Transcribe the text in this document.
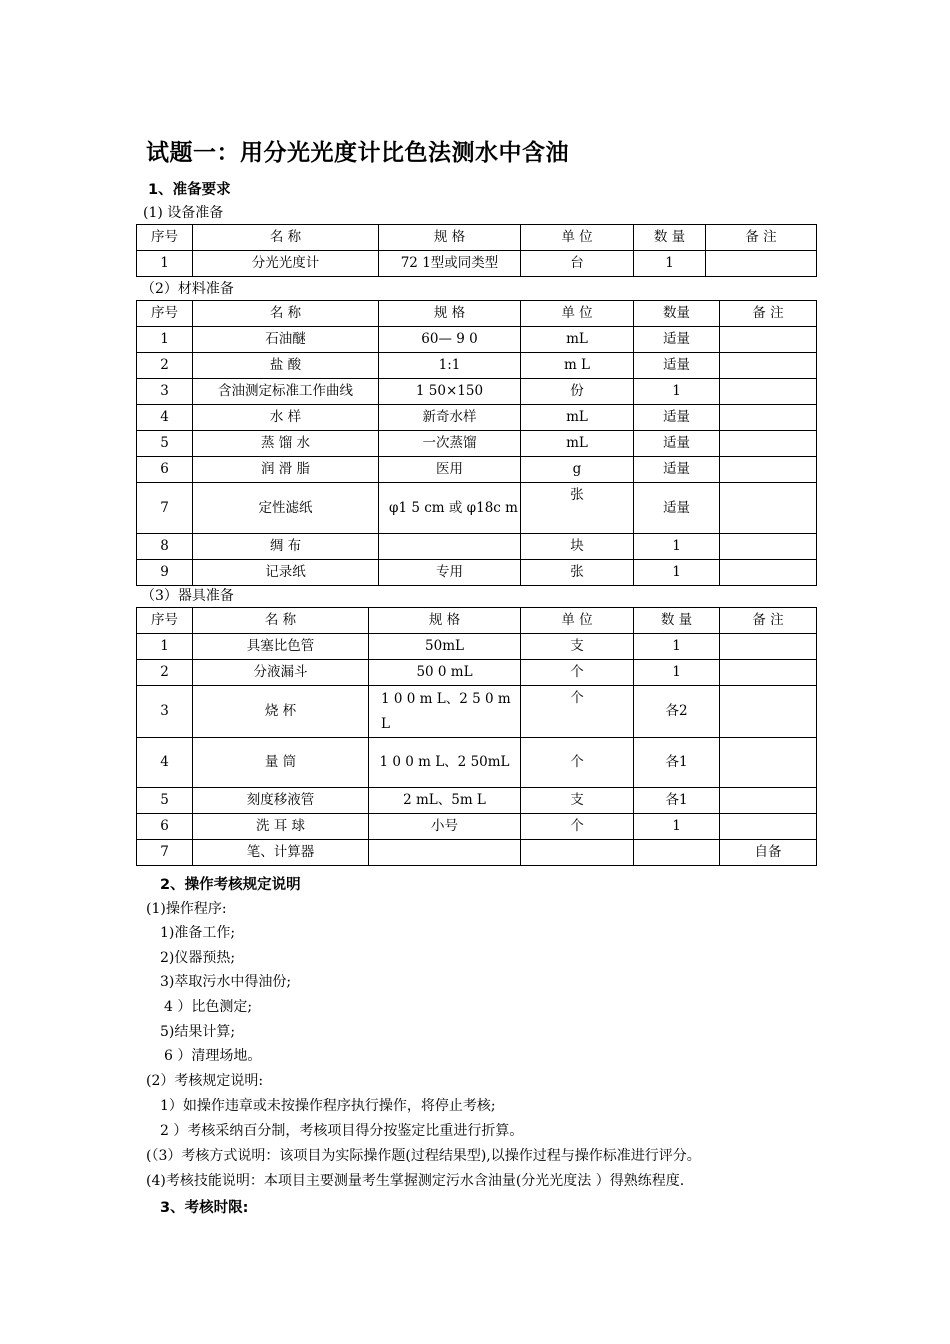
试题一：用分光光度计比色法测水中含油
1、准备要求
(1) 设备准备
序号	名 称	规 格	单 位	数 量	备 注
1	分光光度计	72 1型或同类型	台	1	
（2）材料准备
序号	名 称	规 格	单 位	数量	备 注
1	石油醚	60— 9 0	mL	适量	
2	盐 酸	1:1	m L	适量	
3	含油测定标准工作曲线	1 50×150	份	1	
4	水 样	新奇水样	mL	适量	
5	蒸 馏 水	一次蒸馏	mL	适量	
6	润 滑 脂	医用	g	适量	
7	定性滤纸	φ1 5 cm 或 φ18c m	张	适量	
8	绸 布		块	1	
9	记录纸	专用	张	1	
（3）器具准备
序号	名 称	规 格	单 位	数 量	备 注
1	具塞比色管	50mL	支	1	
2	分液漏斗	50 0 mL	个	1	
3	烧 杯	1 0 0 m L、2 5 0 m L	个	各2	
4	量 筒	1 0 0 m L、2 50mL	个	各1	
5	刻度移液管	2 mL、5m L	支	各1	
6	洗 耳 球	小号	个	1	
7	笔、计算器				自备
2、操作考核规定说明
(1)操作程序:
1)准备工作;
2)仪器预热;
3)萃取污水中得油份;
4 ）比色测定;
5)结果计算;
6 ）清理场地。
(2）考核规定说明:
1）如操作违章或未按操作程序执行操作，将停止考核;
2 ）考核采纳百分制，考核项目得分按鉴定比重进行折算。
(（3）考核方式说明：该项目为实际操作题(过程结果型),以操作过程与操作标准进行评分。
(4)考核技能说明：本项目主要测量考生掌握测定污水含油量(分光光度法 ）得熟练程度.
3、考核时限:
